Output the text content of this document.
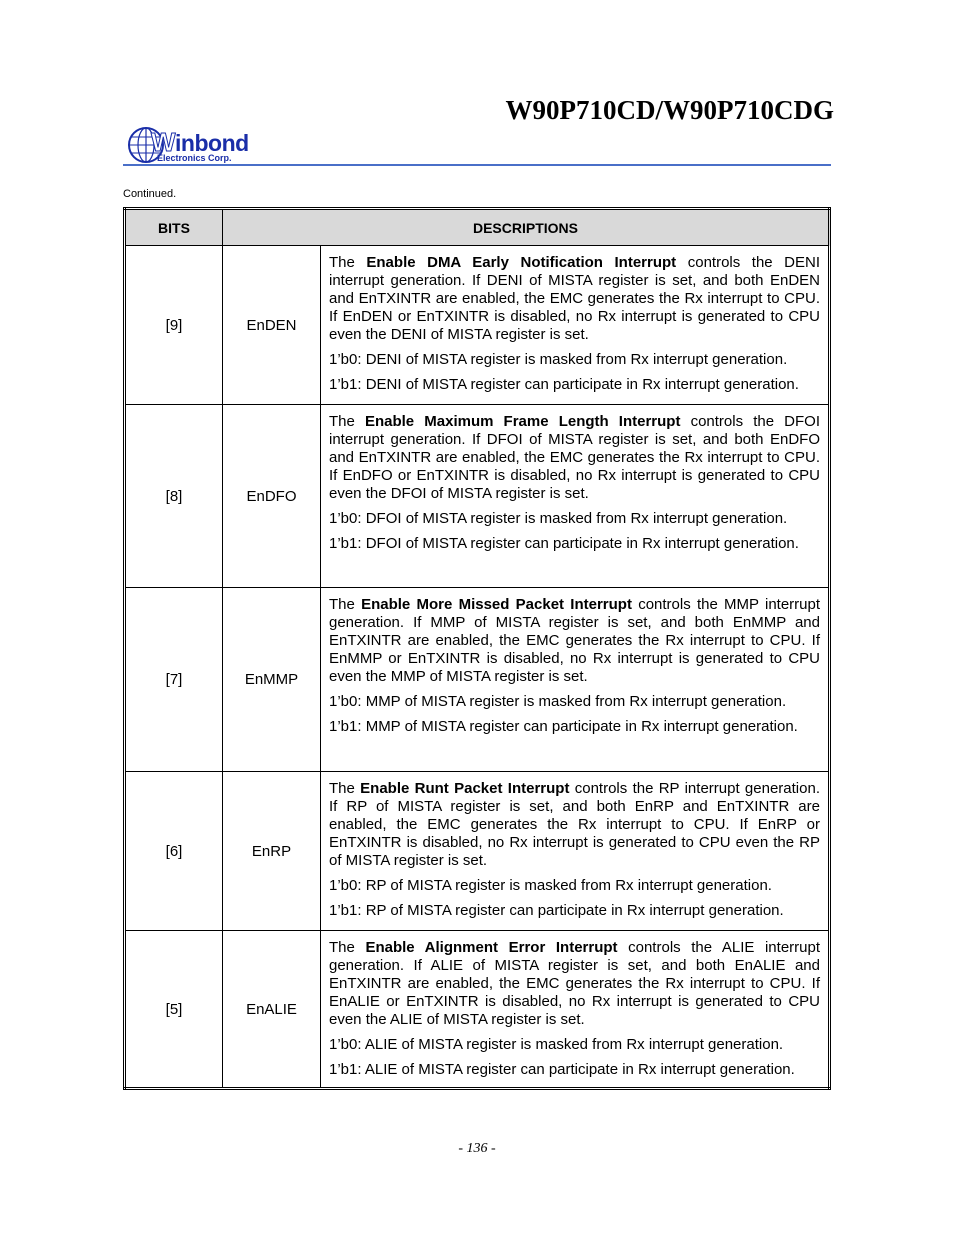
W90P710CD/W90P710CDG
Winbond
Electronics Corp.
Continued.
BITS	DESCRIPTIONS	
[9]	EnDEN	The Enable DMA Early Notification Interrupt controls the DENI interrupt generation. If DENI of MISTA register is set, and both EnDEN and EnTXINTR are enabled, the EMC generates the Rx interrupt to CPU. If EnDEN or EnTXINTR is disabled, no Rx interrupt is generated to CPU even the DENI of MISTA register is set.

1’b0: DENI of MISTA register is masked from Rx interrupt generation.

1’b1: DENI of MISTA register can participate in Rx interrupt generation.

[8]	EnDFO	The Enable Maximum Frame Length Interrupt controls the DFOI interrupt generation. If DFOI of MISTA register is set, and both EnDFO and EnTXINTR are enabled, the EMC generates the Rx interrupt to CPU. If EnDFO or EnTXINTR is disabled, no Rx interrupt is generated to CPU even the DFOI of MISTA register is set.

1’b0: DFOI of MISTA register is masked from Rx interrupt generation.

1’b1: DFOI of MISTA register can participate in Rx interrupt generation.

[7]	EnMMP	The Enable More Missed Packet Interrupt controls the MMP interrupt generation. If MMP of MISTA register is set, and both EnMMP and EnTXINTR are enabled, the EMC generates the Rx interrupt to CPU. If EnMMP or EnTXINTR is disabled, no Rx interrupt is generated to CPU even the MMP of MISTA register is set.

1’b0: MMP of MISTA register is masked from Rx interrupt generation.

1’b1: MMP of MISTA register can participate in Rx interrupt generation.

[6]	EnRP	The Enable Runt Packet Interrupt controls the RP interrupt generation. If RP of MISTA register is set, and both EnRP and EnTXINTR are enabled, the EMC generates the Rx interrupt to CPU. If EnRP or EnTXINTR is disabled, no Rx interrupt is generated to CPU even the RP of MISTA register is set.

1’b0: RP of MISTA register is masked from Rx interrupt generation.

1’b1: RP of MISTA register can participate in Rx interrupt generation.

[5]	EnALIE	The Enable Alignment Error Interrupt controls the ALIE interrupt generation. If ALIE of MISTA register is set, and both EnALIE and EnTXINTR are enabled, the EMC generates the Rx interrupt to CPU. If EnALIE or EnTXINTR is disabled, no Rx interrupt is generated to CPU even the ALIE of MISTA register is set.

1’b0: ALIE of MISTA register is masked from Rx interrupt generation.

1’b1: ALIE of MISTA register can participate in Rx interrupt generation.

- 136 -
